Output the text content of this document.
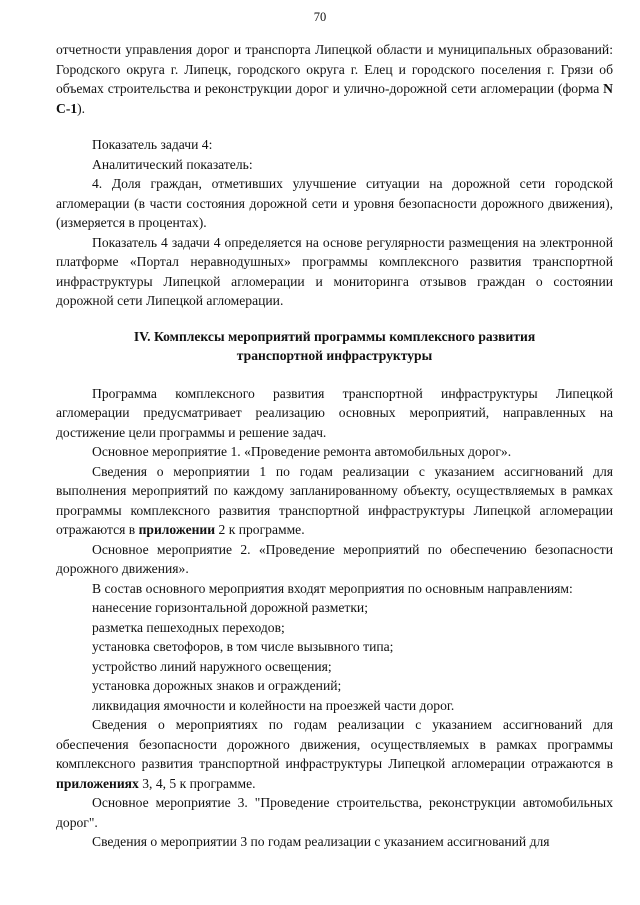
70

отчетности управления дорог и транспорта Липецкой области и муниципальных образований: Городского округа г. Липецк, городского округа г. Елец и городского поселения г. Грязи об объемах строительства и реконструкции дорог и улично-дорожной сети агломерации (форма N С-1).

Показатель задачи 4:

Аналитический показатель:

4. Доля граждан, отметивших улучшение ситуации на дорожной сети городской агломерации (в части состояния дорожной сети и уровня безопасности дорожного движения), (измеряется в процентах).

Показатель 4 задачи 4 определяется на основе регулярности размещения на электронной платформе «Портал неравнодушных» программы комплексного развития транспортной инфраструктуры Липецкой агломерации и мониторинга отзывов граждан о состоянии дорожной сети Липецкой агломерации.

IV. Комплексы мероприятий программы комплексного развития
транспортной инфраструктуры

Программа комплексного развития транспортной инфраструктуры Липецкой агломерации предусматривает реализацию основных мероприятий, направленных на достижение цели программы и решение задач.

Основное мероприятие 1. «Проведение ремонта автомобильных дорог».

Сведения о мероприятии 1 по годам реализации с указанием ассигнований для выполнения мероприятий по каждому запланированному объекту, осуществляемых в рамках программы комплексного развития транспортной инфраструктуры Липецкой агломерации отражаются в приложении 2 к программе.

Основное мероприятие 2. «Проведение мероприятий по обеспечению безопасности дорожного движения».

В состав основного мероприятия входят мероприятия по основным направлениям:

нанесение горизонтальной дорожной разметки;

разметка пешеходных переходов;

установка светофоров, в том числе вызывного типа;

устройство линий наружного освещения;

установка дорожных знаков и ограждений;

ликвидация ямочности и колейности на проезжей части дорог.

Сведения о мероприятиях по годам реализации с указанием ассигнований для обеспечения безопасности дорожного движения, осуществляемых в рамках программы комплексного развития транспортной инфраструктуры Липецкой агломерации отражаются в приложениях 3, 4, 5 к программе.

Основное мероприятие 3. "Проведение строительства, реконструкции автомобильных дорог".

Сведения о мероприятии 3 по годам реализации с указанием ассигнований для
